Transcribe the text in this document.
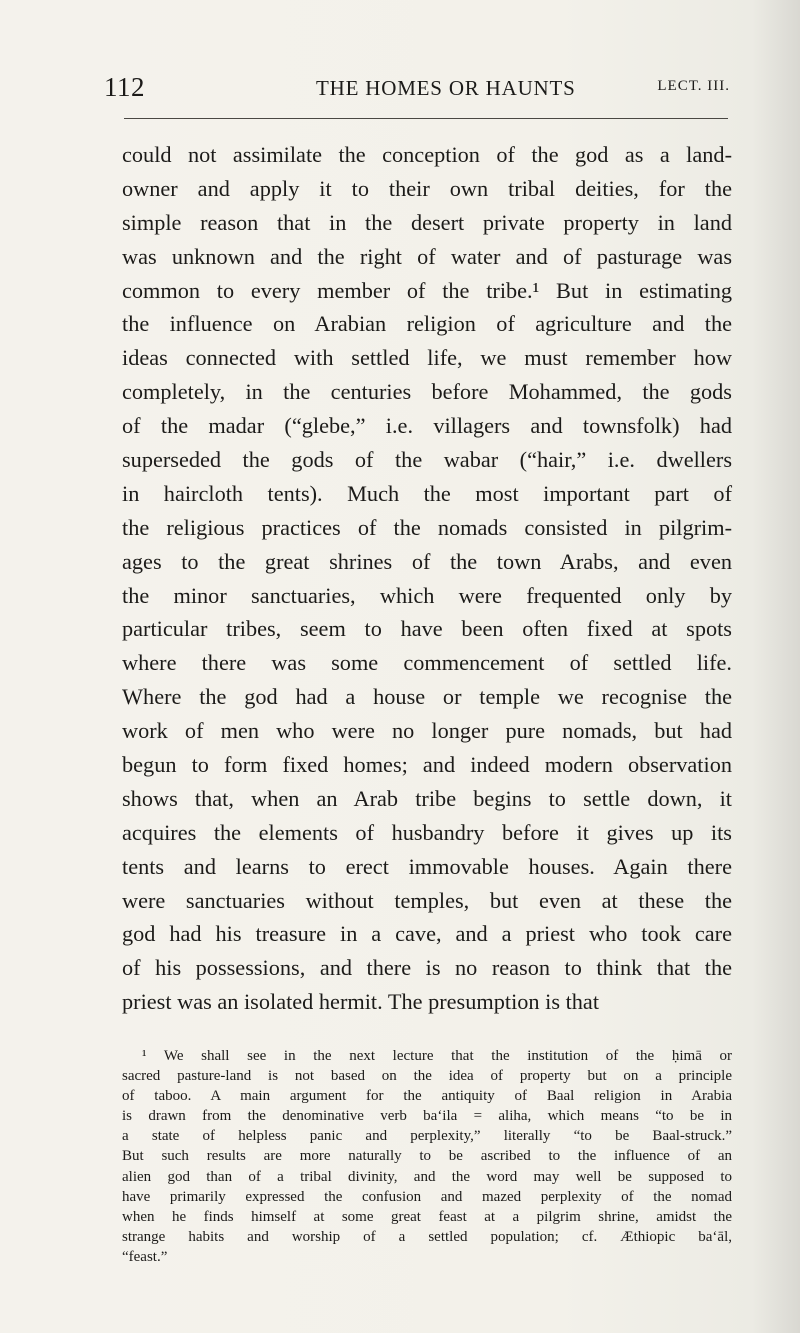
112	THE HOMES OR HAUNTS	LECT. III.
could not assimilate the conception of the god as a land-
owner and apply it to their own tribal deities, for the
simple reason that in the desert private property in land
was unknown and the right of water and of pasturage was
common to every member of the tribe.¹ But in estimating
the influence on Arabian religion of agriculture and the
ideas connected with settled life, we must remember how
completely, in the centuries before Mohammed, the gods
of the madar (“glebe,” i.e. villagers and townsfolk) had
superseded the gods of the wabar (“hair,” i.e. dwellers
in haircloth tents). Much the most important part of
the religious practices of the nomads consisted in pilgrim-
ages to the great shrines of the town Arabs, and even
the minor sanctuaries, which were frequented only by
particular tribes, seem to have been often fixed at spots
where there was some commencement of settled life.
Where the god had a house or temple we recognise the
work of men who were no longer pure nomads, but had
begun to form fixed homes; and indeed modern observation
shows that, when an Arab tribe begins to settle down, it
acquires the elements of husbandry before it gives up its
tents and learns to erect immovable houses. Again there
were sanctuaries without temples, but even at these the
god had his treasure in a cave, and a priest who took care
of his possessions, and there is no reason to think that the
priest was an isolated hermit. The presumption is that
¹ We shall see in the next lecture that the institution of the ḥimā or
sacred pasture-land is not based on the idea of property but on a principle
of taboo. A main argument for the antiquity of Baal religion in Arabia
is drawn from the denominative verb ba‘ila = aliha, which means “to be in
a state of helpless panic and perplexity,” literally “to be Baal-struck.”
But such results are more naturally to be ascribed to the influence of an
alien god than of a tribal divinity, and the word may well be supposed to
have primarily expressed the confusion and mazed perplexity of the nomad
when he finds himself at some great feast at a pilgrim shrine, amidst the
strange habits and worship of a settled population; cf. Æthiopic ba‘āl,
“feast.”
